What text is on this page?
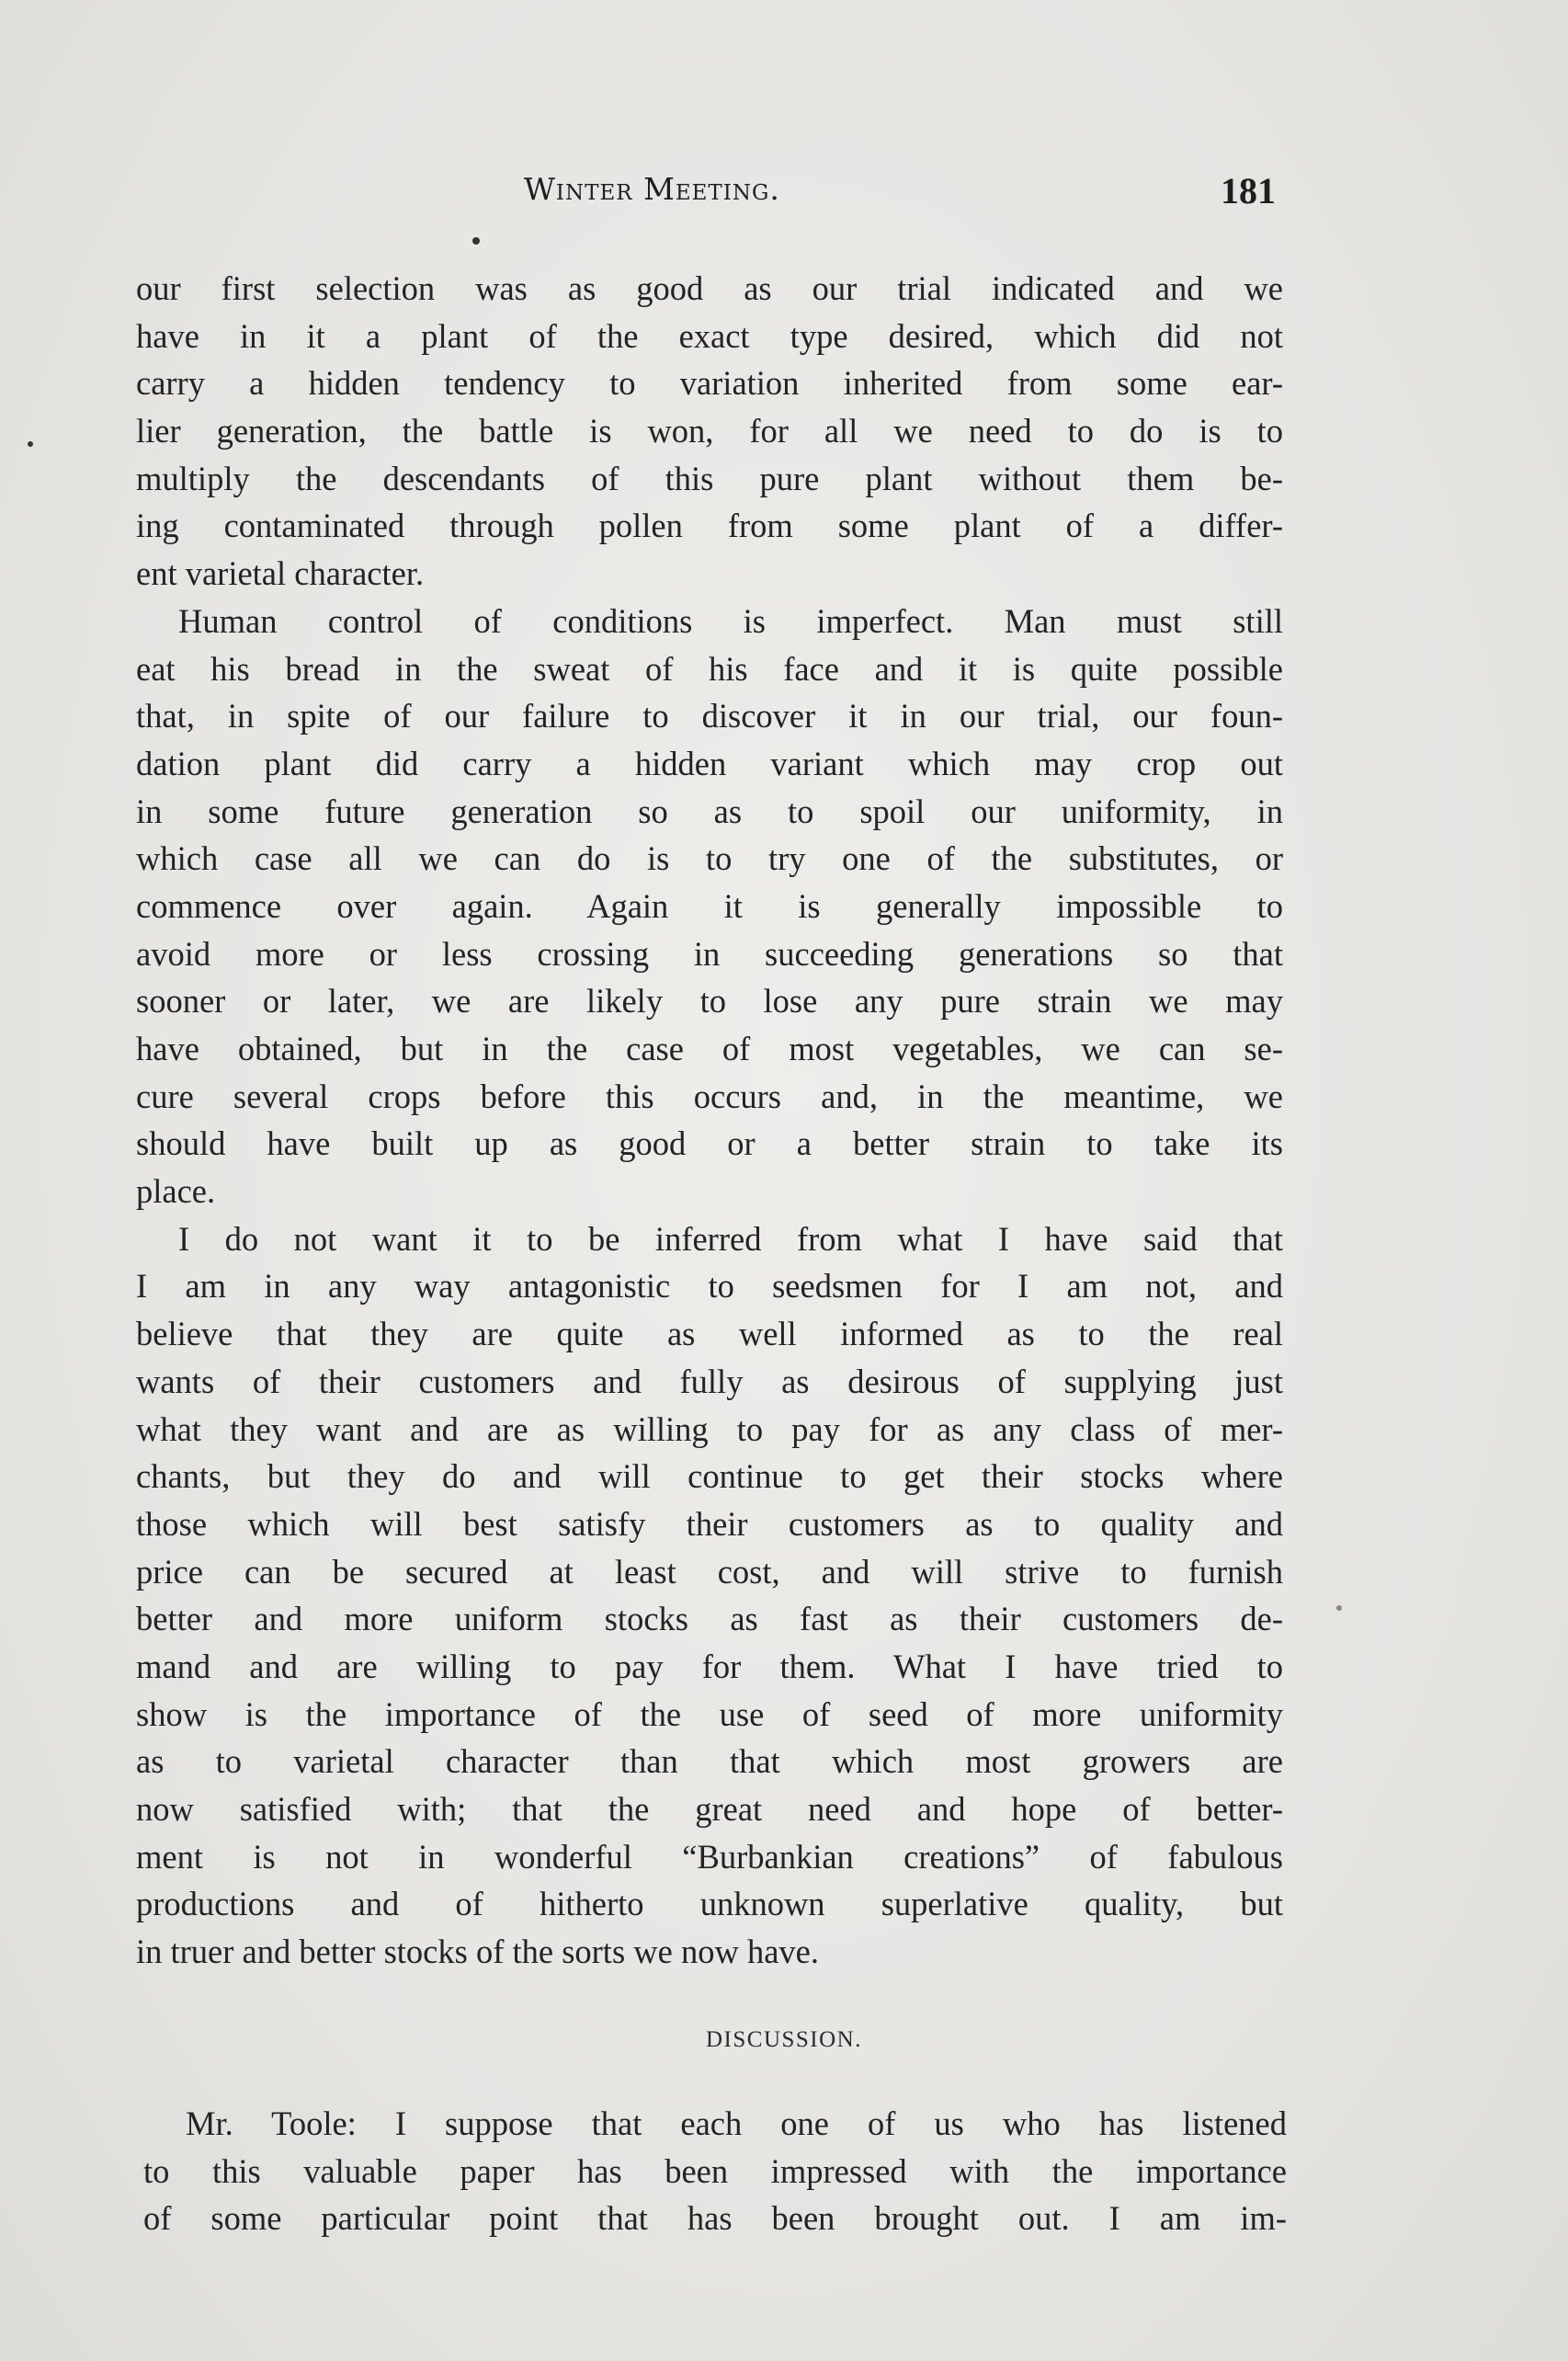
Winter Meeting.	181
our first selection was as good as our trial indicated and we
have in it a plant of the exact type desired, which did not
carry a hidden tendency to variation inherited from some ear-
lier generation, the battle is won, for all we need to do is to
multiply the descendants of this pure plant without them be-
ing contaminated through pollen from some plant of a differ-
ent varietal character.
Human control of conditions is imperfect. Man must still
eat his bread in the sweat of his face and it is quite possible
that, in spite of our failure to discover it in our trial, our foun-
dation plant did carry a hidden variant which may crop out
in some future generation so as to spoil our uniformity, in
which case all we can do is to try one of the substitutes, or
commence over again. Again it is generally impossible to
avoid more or less crossing in succeeding generations so that
sooner or later, we are likely to lose any pure strain we may
have obtained, but in the case of most vegetables, we can se-
cure several crops before this occurs and, in the meantime, we
should have built up as good or a better strain to take its
place.
I do not want it to be inferred from what I have said that
I am in any way antagonistic to seedsmen for I am not, and
believe that they are quite as well informed as to the real
wants of their customers and fully as desirous of supplying just
what they want and are as willing to pay for as any class of mer-
chants, but they do and will continue to get their stocks where
those which will best satisfy their customers as to quality and
price can be secured at least cost, and will strive to furnish
better and more uniform stocks as fast as their customers de-
mand and are willing to pay for them. What I have tried to
show is the importance of the use of seed of more uniformity
as to varietal character than that which most growers are
now satisfied with; that the great need and hope of better-
ment is not in wonderful “Burbankian creations” of fabulous
productions and of hitherto unknown superlative quality, but
in truer and better stocks of the sorts we now have.
DISCUSSION.
Mr. Toole: I suppose that each one of us who has listened
to this valuable paper has been impressed with the importance
of some particular point that has been brought out. I am im-
